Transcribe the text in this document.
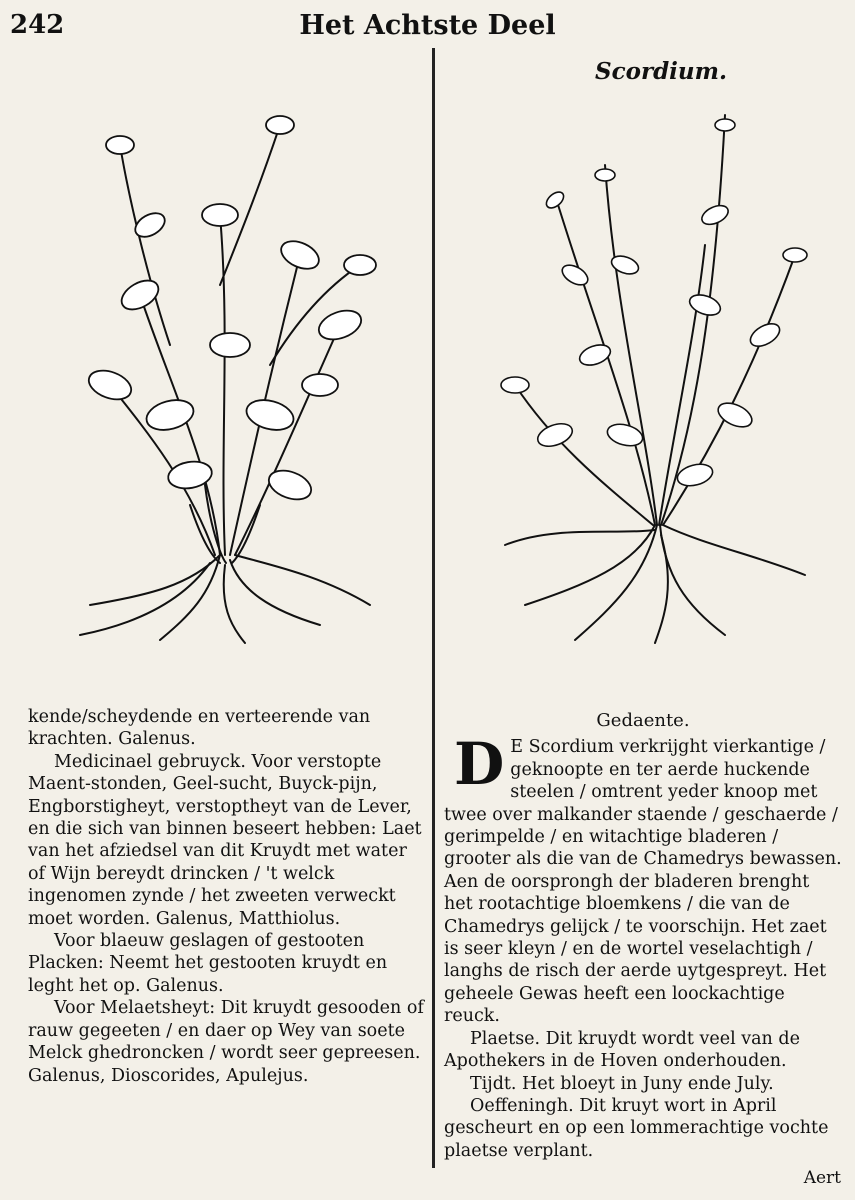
242	Het Achtste Deel
Scordium.

kende/scheydende en verteerende van krachten. Galenus.

Medicinael gebruyck. Voor verstopte Maent-stonden, Geel-sucht, Buyck-pijn, Engborstigheyt, verstoptheyt van de Lever, en die sich van binnen beseert hebben: Laet van het afziedsel van dit Kruydt met water of Wijn bereydt drincken / 't welck ingenomen zynde / het zweeten verweckt moet worden. Galenus, Matthiolus.

Voor blaeuw geslagen of gestooten Placken: Neemt het gestooten kruydt en leght het op. Galenus.

Voor Melaetsheyt: Dit kruydt gesooden of rauw gegeeten / en daer op Wey van soete Melck ghedroncken / wordt seer gepreesen. Galenus, Dioscorides, Apulejus.

Gedaente.

D E Scordium verkrijght vierkantige / geknoopte en ter aerde huckende steelen / omtrent yeder knoop met twee over malkander staende / geschaerde / gerimpelde / en witachtige bladeren / grooter als die van de Chamedrys bewassen. Aen de oorsprongh der bladeren brenght het rootachtige bloemkens / die van de Chamedrys gelijck / te voorschijn. Het zaet is seer kleyn / en de wortel veselachtigh / langhs de risch der aerde uytgespreyt. Het geheele Gewas heeft een loockachtige reuck.

Plaetse. Dit kruydt wordt veel van de Apothekers in de Hoven onderhouden.

Tijdt. Het bloeyt in Juny ende July.

Oeffeningh. Dit kruyt wort in April gescheurt en op een lommerachtige vochte plaetse verplant.

Aert
